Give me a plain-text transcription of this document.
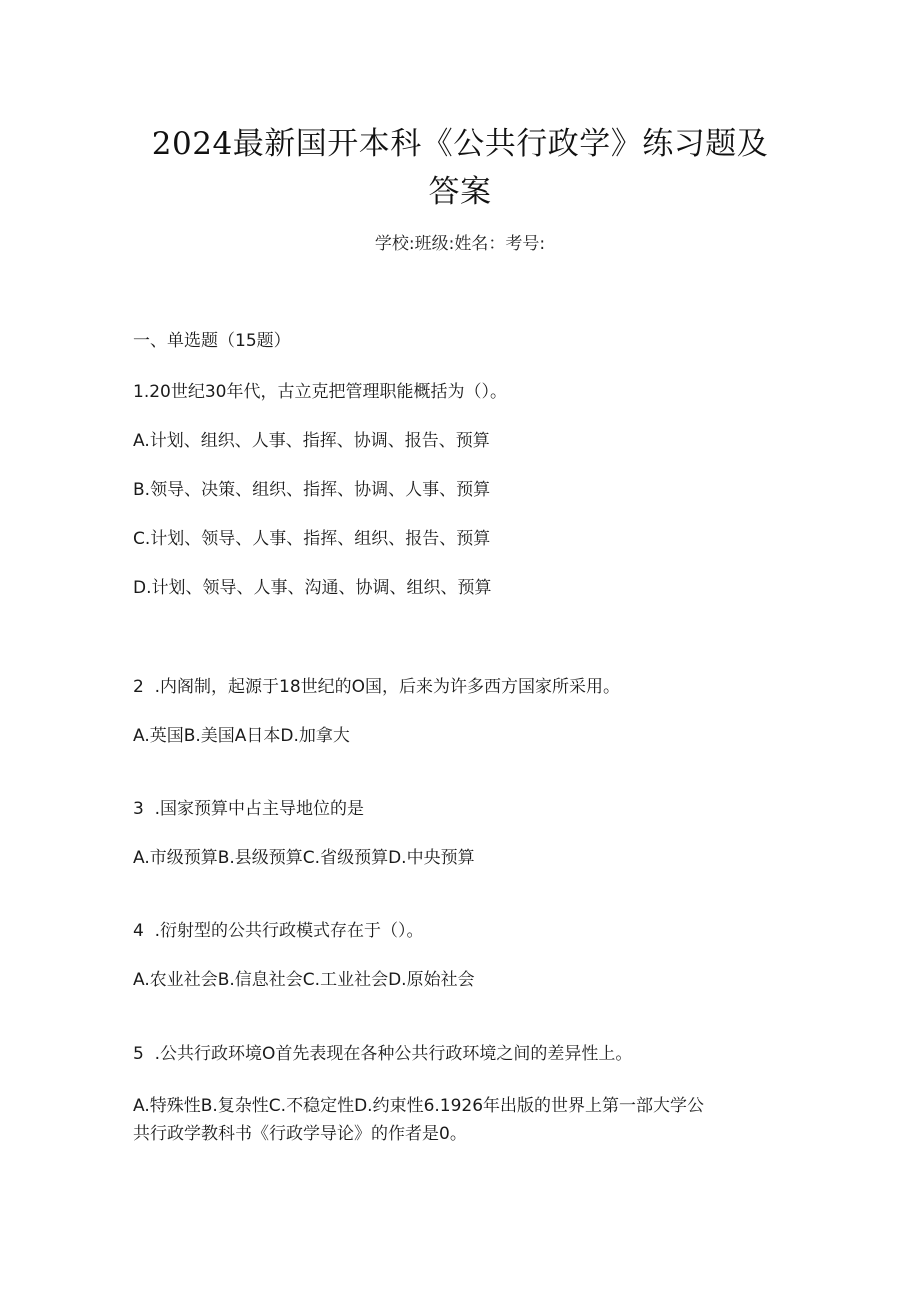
2024最新国开本科《公共行政学》练习题及
答案
学校:班级:姓名：考号:
一、单选题（15题）
1.20世纪30年代，古立克把管理职能概括为（）。
A.计划、组织、人事、指挥、协调、报告、预算
B.领导、决策、组织、指挥、协调、人事、预算
C.计划、领导、人事、指挥、组织、报告、预算
D.计划、领导、人事、沟通、协调、组织、预算
2  .内阁制，起源于18世纪的O国，后来为许多西方国家所采用。
A.英国B.美国A日本D.加拿大
3  .国家预算中占主导地位的是
A.市级预算B.县级预算C.省级预算D.中央预算
4  .衍射型的公共行政模式存在于（）。
A.农业社会B.信息社会C.工业社会D.原始社会
5  .公共行政环境O首先表现在各种公共行政环境之间的差异性上。
A.特殊性B.复杂性C.不稳定性D.约束性6.1926年出版的世界上第一部大学公
共行政学教科书《行政学导论》的作者是0。
